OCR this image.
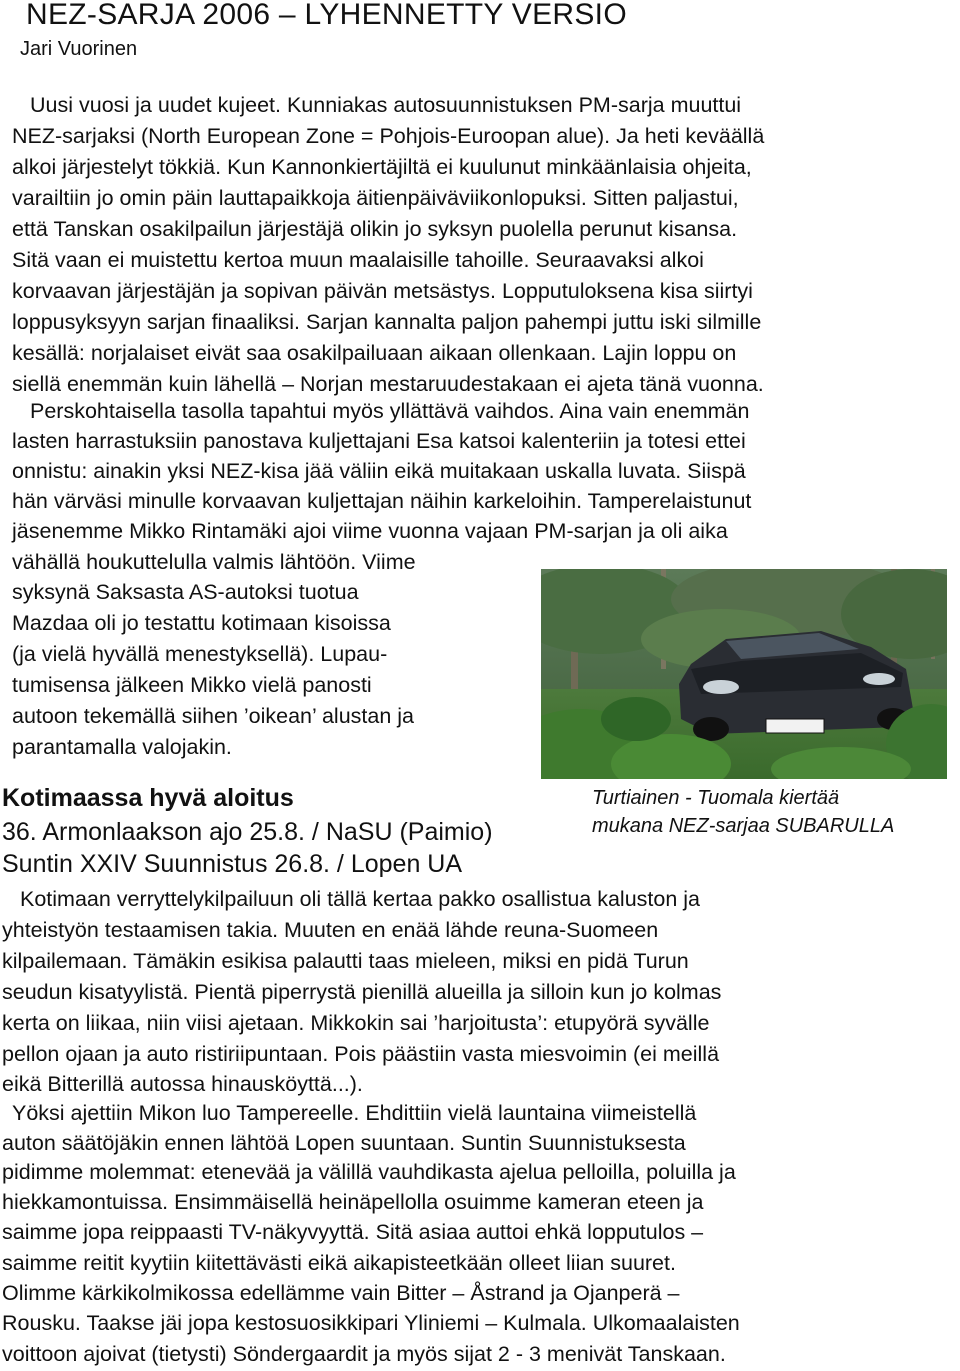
NEZ-SARJA 2006 – LYHENNETTY VERSIO
Jari Vuorinen
Uusi vuosi ja uudet kujeet. Kunniakas autosuunnistuksen PM-sarja muuttui
NEZ-sarjaksi (North European Zone = Pohjois-Euroopan alue). Ja heti keväällä
alkoi järjestelyt tökkiä. Kun Kannonkiertäjiltä ei kuulunut minkäänlaisia ohjeita,
varailtiin jo omin päin lauttapaikkoja äitienpäiväviikonlopuksi. Sitten paljastui,
että Tanskan osakilpailun järjestäjä olikin jo syksyn puolella perunut kisansa.
Sitä vaan ei muistettu kertoa muun maalaisille tahoille. Seuraavaksi alkoi
korvaavan järjestäjän ja sopivan päivän metsästys. Lopputuloksena kisa siirtyi
loppusyksyyn sarjan finaaliksi. Sarjan kannalta paljon pahempi juttu iski silmille
kesällä: norjalaiset eivät saa osakilpailuaan aikaan ollenkaan. Lajin loppu on
siellä enemmän kuin lähellä – Norjan mestaruudestakaan ei ajeta tänä vuonna.
Perskohtaisella tasolla tapahtui myös yllättävä vaihdos. Aina vain enemmän
lasten harrastuksiin panostava kuljettajani Esa katsoi kalenteriin ja totesi ettei
onnistu: ainakin yksi NEZ-kisa jää väliin eikä muitakaan uskalla luvata. Siispä
hän värväsi minulle korvaavan kuljettajan näihin karkeloihin. Tamperelaistunut
jäsenemme Mikko Rintamäki ajoi viime vuonna vajaan PM-sarjan ja oli aika
vähällä houkuttelulla valmis lähtöön. Viime
syksynä Saksasta AS-autoksi tuotua
Mazdaa oli jo testattu kotimaan kisoissa
(ja vielä hyvällä menestyksellä). Lupau-
tumisensa jälkeen Mikko vielä panosti
autoon tekemällä siihen ’oikean’ alustan ja
parantamalla valojakin.
Turtiainen - Tuomala kiertää
mukana NEZ-sarjaa SUBARULLA
Kotimaassa hyvä aloitus
36. Armonlaakson ajo 25.8. / NaSU (Paimio)
Suntin XXIV Suunnistus 26.8. / Lopen UA
Kotimaan verryttelykilpailuun oli tällä kertaa pakko osallistua kaluston ja
yhteistyön testaamisen takia. Muuten en enää lähde reuna-Suomeen
kilpailemaan. Tämäkin esikisa palautti taas mieleen, miksi en pidä Turun
seudun kisatyylistä. Pientä piperrystä pienillä alueilla ja silloin kun jo kolmas
kerta on liikaa, niin viisi ajetaan. Mikkokin sai ’harjoitusta’: etupyörä syvälle
pellon ojaan ja auto ristiriipuntaan. Pois päästiin vasta miesvoimin (ei meillä
eikä Bitterillä autossa hinausköyttä...).
Yöksi ajettiin Mikon luo Tampereelle. Ehdittiin vielä launtaina viimeistellä
auton säätöjäkin ennen lähtöä Lopen suuntaan. Suntin Suunnistuksesta
pidimme molemmat: etenevää ja välillä vauhdikasta ajelua pelloilla, poluilla ja
hiekkamontuissa. Ensimmäisellä heinäpellolla osuimme kameran eteen ja
saimme jopa reippaasti TV-näkyvyyttä. Sitä asiaa auttoi ehkä lopputulos –
saimme reitit kyytiin kiitettävästi eikä aikapisteetkään olleet liian suuret.
Olimme kärkikolmikossa edellämme vain Bitter – Åstrand ja Ojanperä –
Rousku. Taakse jäi jopa kestosuosikkipari Yliniemi – Kulmala. Ulkomaalaisten
voittoon ajoivat (tietysti) Söndergaardit ja myös sijat 2 - 3 menivät Tanskaan.
